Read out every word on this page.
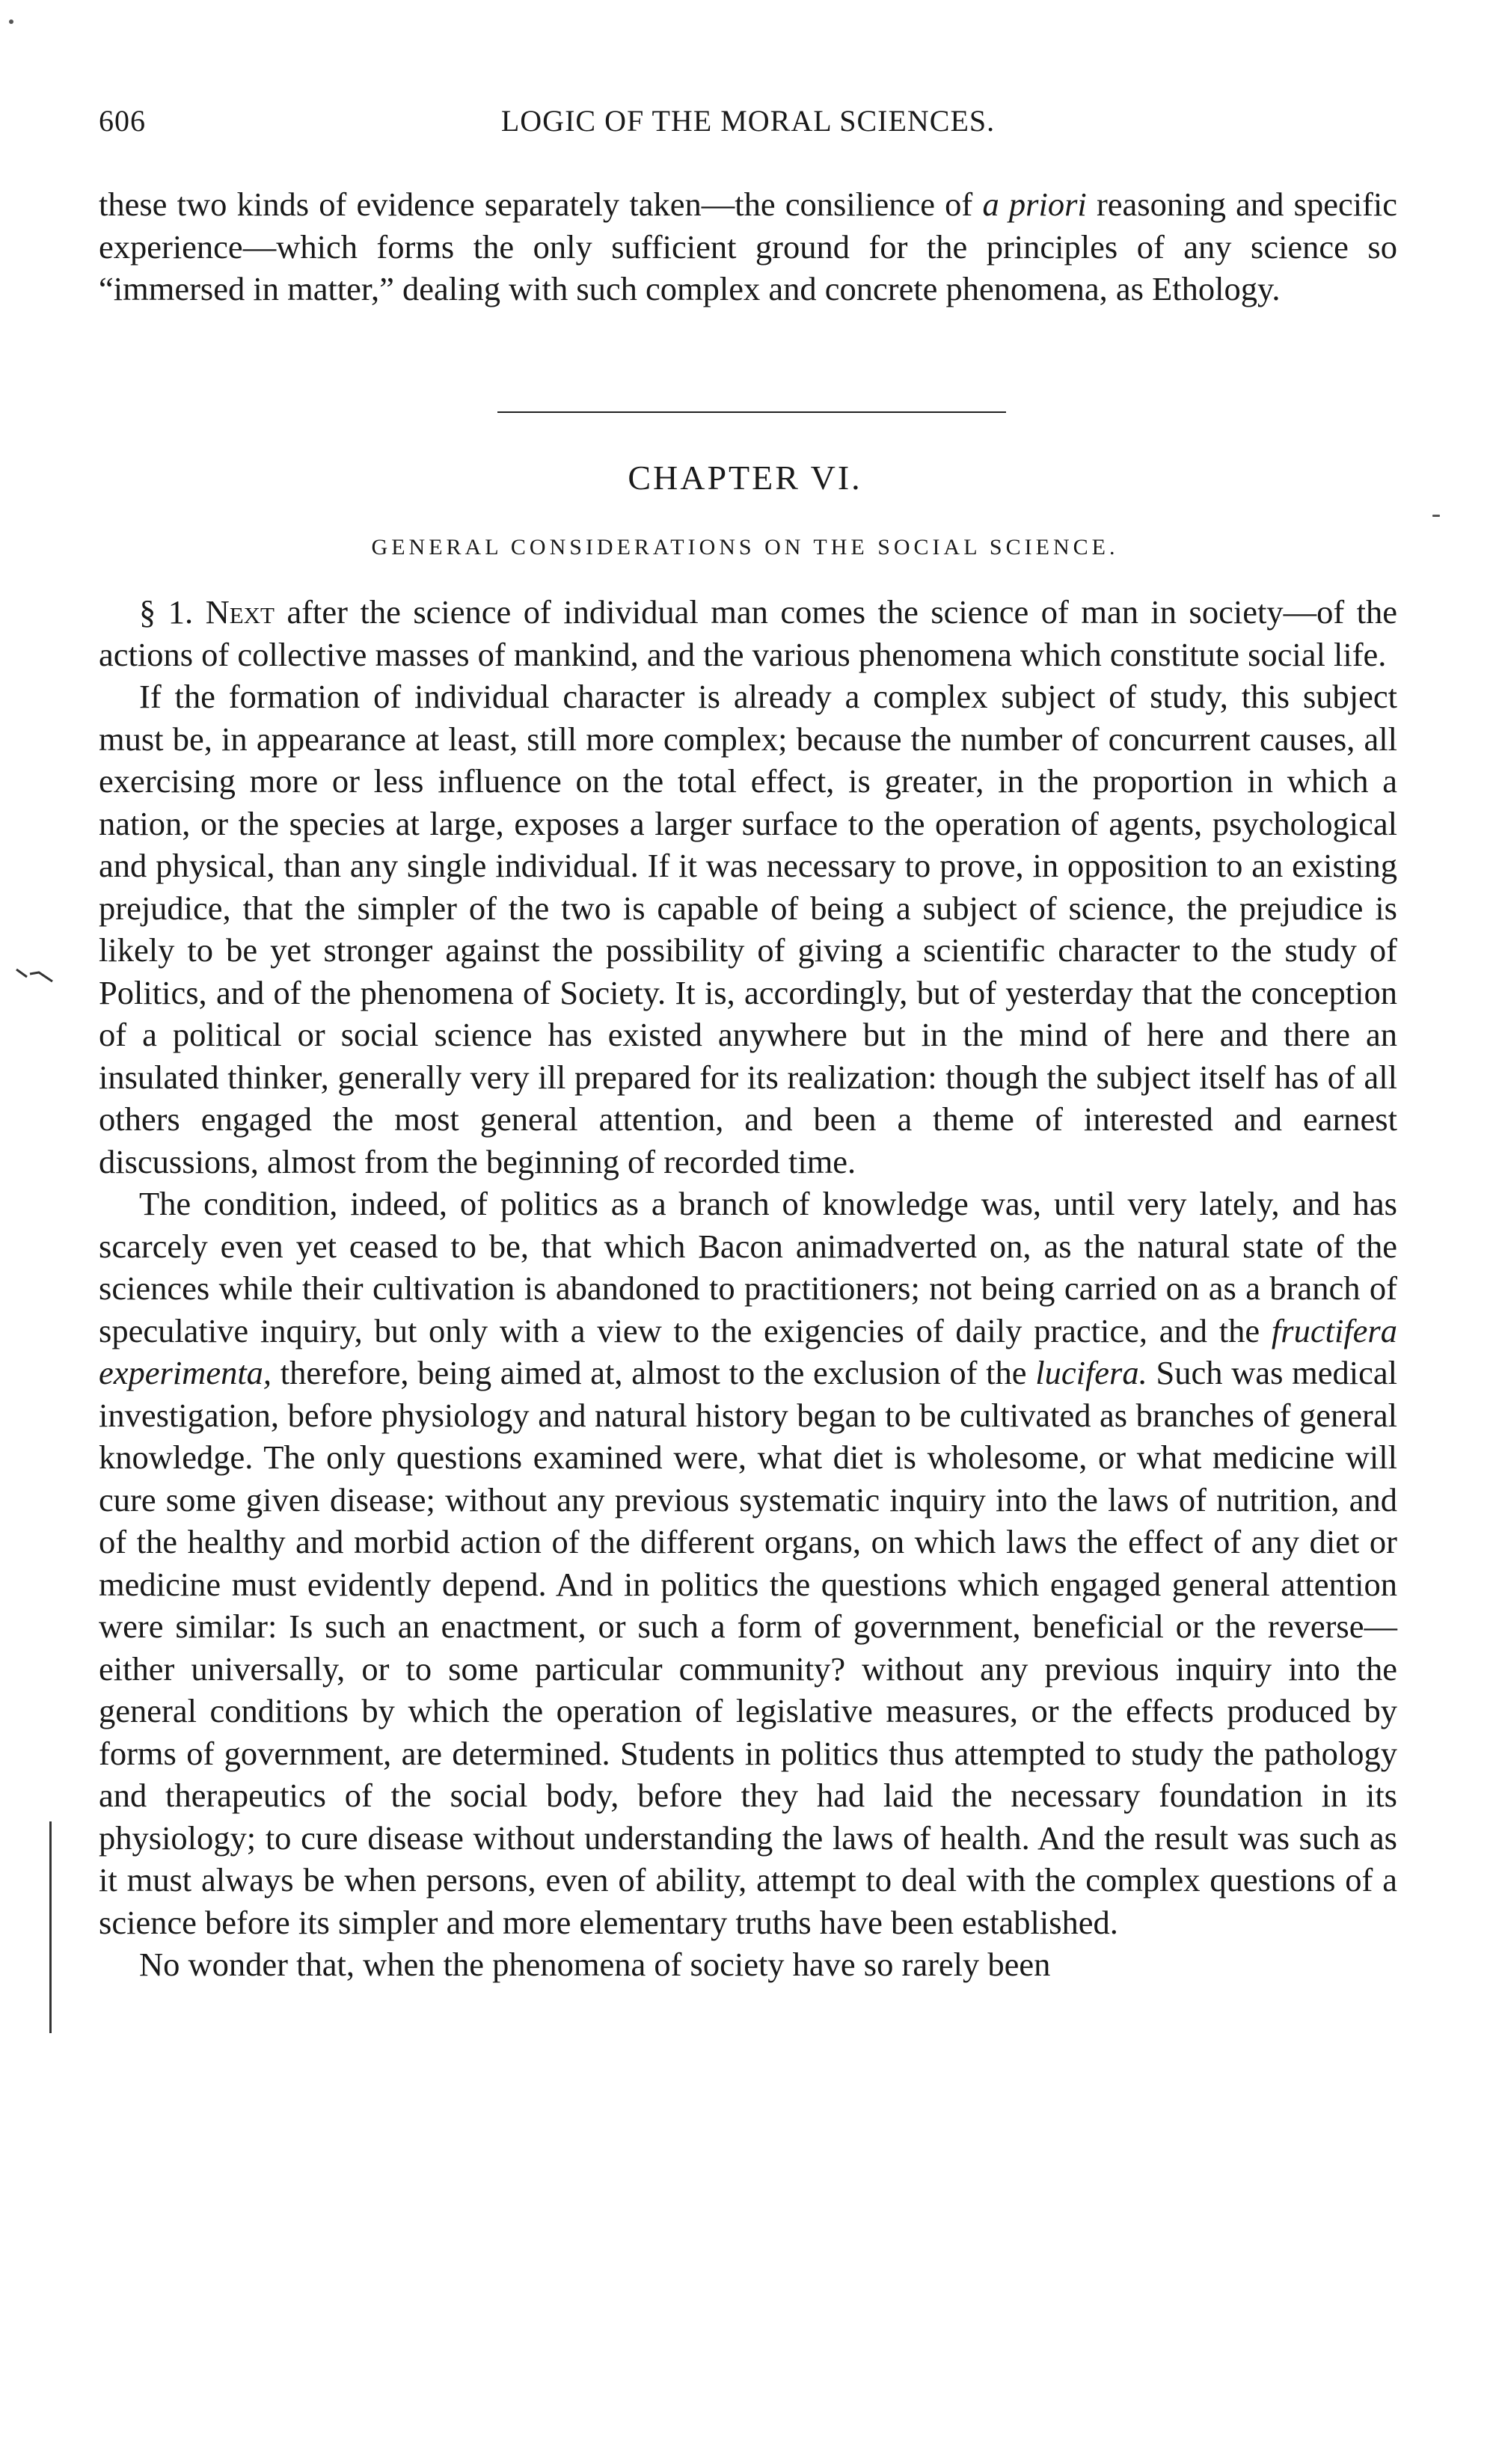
606	LOGIC OF THE MORAL SCIENCES.

these two kinds of evidence separately taken—the consilience of a priori reasoning and specific experience—which forms the only sufficient ground for the principles of any science so “immersed in matter,” dealing with such complex and concrete phenomena, as Ethology.

CHAPTER VI.
GENERAL CONSIDERATIONS ON THE SOCIAL SCIENCE.

§ 1. Next after the science of individual man comes the science of man in society—of the actions of collective masses of mankind, and the various phenomena which constitute social life.

If the formation of individual character is already a complex subject of study, this subject must be, in appearance at least, still more complex; because the number of concurrent causes, all exercising more or less influence on the total effect, is greater, in the proportion in which a nation, or the species at large, exposes a larger surface to the operation of agents, psychological and physical, than any single individual. If it was necessary to prove, in opposition to an existing prejudice, that the simpler of the two is capable of being a subject of science, the prejudice is likely to be yet stronger against the possibility of giving a scientific character to the study of Politics, and of the phenomena of Society. It is, accordingly, but of yesterday that the conception of a political or social science has existed anywhere but in the mind of here and there an insulated thinker, generally very ill prepared for its realization: though the subject itself has of all others engaged the most general attention, and been a theme of interested and earnest discussions, almost from the beginning of recorded time.

The condition, indeed, of politics as a branch of knowledge was, until very lately, and has scarcely even yet ceased to be, that which Bacon animadverted on, as the natural state of the sciences while their cultivation is abandoned to practitioners; not being carried on as a branch of speculative inquiry, but only with a view to the exigencies of daily practice, and the fructifera experimenta, therefore, being aimed at, almost to the exclusion of the lucifera. Such was medical investigation, before physiology and natural history began to be cultivated as branches of general knowledge. The only questions examined were, what diet is wholesome, or what medicine will cure some given disease; without any previous systematic inquiry into the laws of nutrition, and of the healthy and morbid action of the different organs, on which laws the effect of any diet or medicine must evidently depend. And in politics the questions which engaged general attention were similar: Is such an enactment, or such a form of government, beneficial or the reverse—either universally, or to some particular community? without any previous inquiry into the general conditions by which the operation of legislative measures, or the effects produced by forms of government, are determined. Students in politics thus attempted to study the pathology and therapeutics of the social body, before they had laid the necessary foundation in its physiology; to cure disease without understanding the laws of health. And the result was such as it must always be when persons, even of ability, attempt to deal with the complex questions of a science before its simpler and more elementary truths have been established.

No wonder that, when the phenomena of society have so rarely been
